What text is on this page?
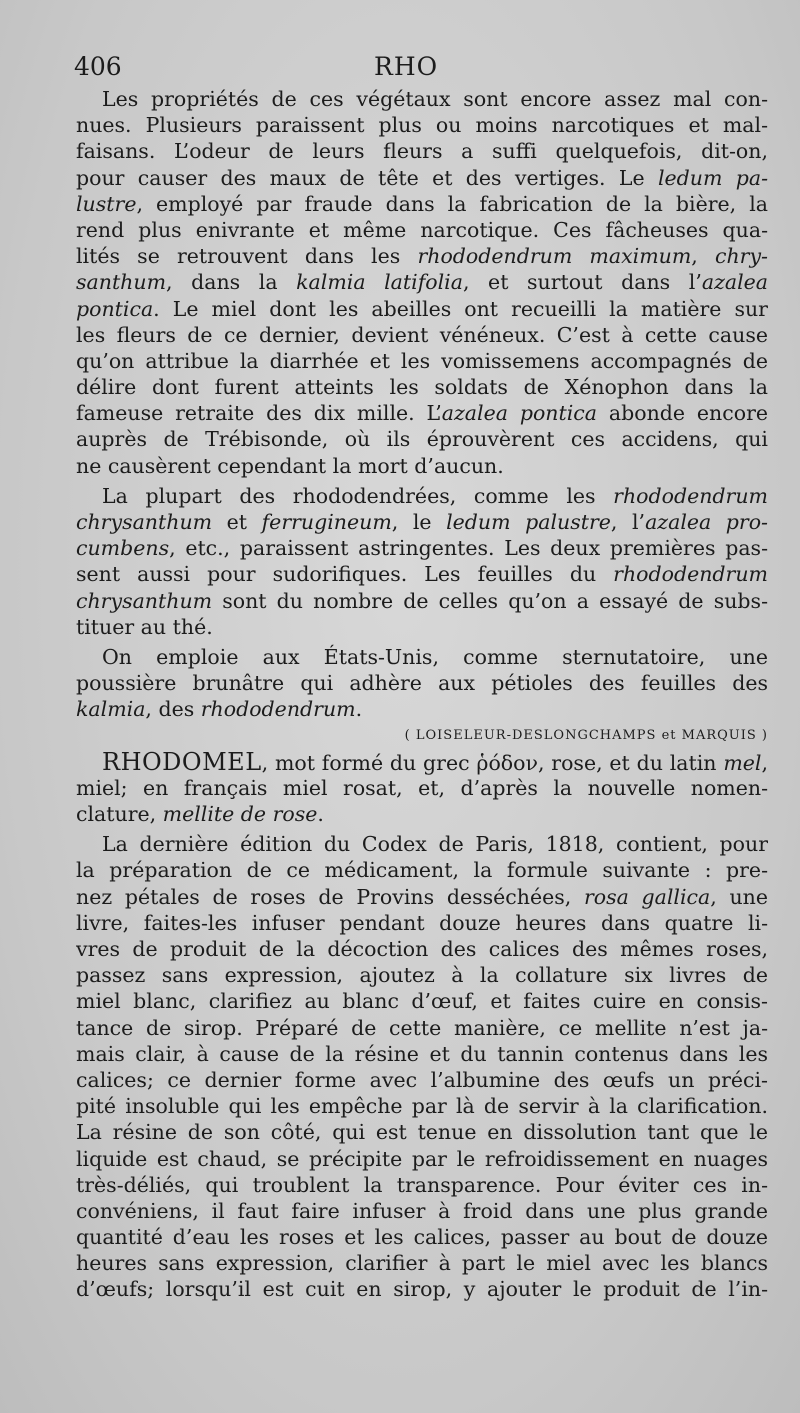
406	RHO
Les propriétés de ces végétaux sont encore assez mal con-
nues. Plusieurs paraissent plus ou moins narcotiques et mal-
faisans. L’odeur de leurs fleurs a suffi quelquefois, dit-on,
pour causer des maux de tête et des vertiges. Le ledum pa-
lustre, employé par fraude dans la fabrication de la bière, la
rend plus enivrante et même narcotique. Ces fâcheuses qua-
lités se retrouvent dans les rhododendrum maximum, chry-
santhum, dans la kalmia latifolia, et surtout dans l’azalea
pontica. Le miel dont les abeilles ont recueilli la matière sur
les fleurs de ce dernier, devient vénéneux. C’est à cette cause
qu’on attribue la diarrhée et les vomissemens accompagnés de
délire dont furent atteints les soldats de Xénophon dans la
fameuse retraite des dix mille. L’azalea pontica abonde encore
auprès de Trébisonde, où ils éprouvèrent ces accidens, qui
ne causèrent cependant la mort d’aucun.
La plupart des rhododendrées, comme les rhododendrum
chrysanthum et ferrugineum, le ledum palustre, l’azalea pro-
cumbens, etc., paraissent astringentes. Les deux premières pas-
sent aussi pour sudorifiques. Les feuilles du rhododendrum
chrysanthum sont du nombre de celles qu’on a essayé de subs-
tituer au thé.
On emploie aux États-Unis, comme sternutatoire, une
poussière brunâtre qui adhère aux pétioles des feuilles des
kalmia, des rhododendrum.
( LOISELEUR-DESLONGCHAMPS et MARQUIS )
RHODOMEL, mot formé du grec ῥόδον, rose, et du latin mel,
miel; en français miel rosat, et, d’après la nouvelle nomen-
clature, mellite de rose.
La dernière édition du Codex de Paris, 1818, contient, pour
la préparation de ce médicament, la formule suivante : pre-
nez pétales de roses de Provins desséchées, rosa gallica, une
livre, faites-les infuser pendant douze heures dans quatre li-
vres de produit de la décoction des calices des mêmes roses,
passez sans expression, ajoutez à la collature six livres de
miel blanc, clarifiez au blanc d’œuf, et faites cuire en consis-
tance de sirop. Préparé de cette manière, ce mellite n’est ja-
mais clair, à cause de la résine et du tannin contenus dans les
calices; ce dernier forme avec l’albumine des œufs un préci-
pité insoluble qui les empêche par là de servir à la clarification.
La résine de son côté, qui est tenue en dissolution tant que le
liquide est chaud, se précipite par le refroidissement en nuages
très-déliés, qui troublent la transparence. Pour éviter ces in-
convéniens, il faut faire infuser à froid dans une plus grande
quantité d’eau les roses et les calices, passer au bout de douze
heures sans expression, clarifier à part le miel avec les blancs
d’œufs; lorsqu’il est cuit en sirop, y ajouter le produit de l’in-
